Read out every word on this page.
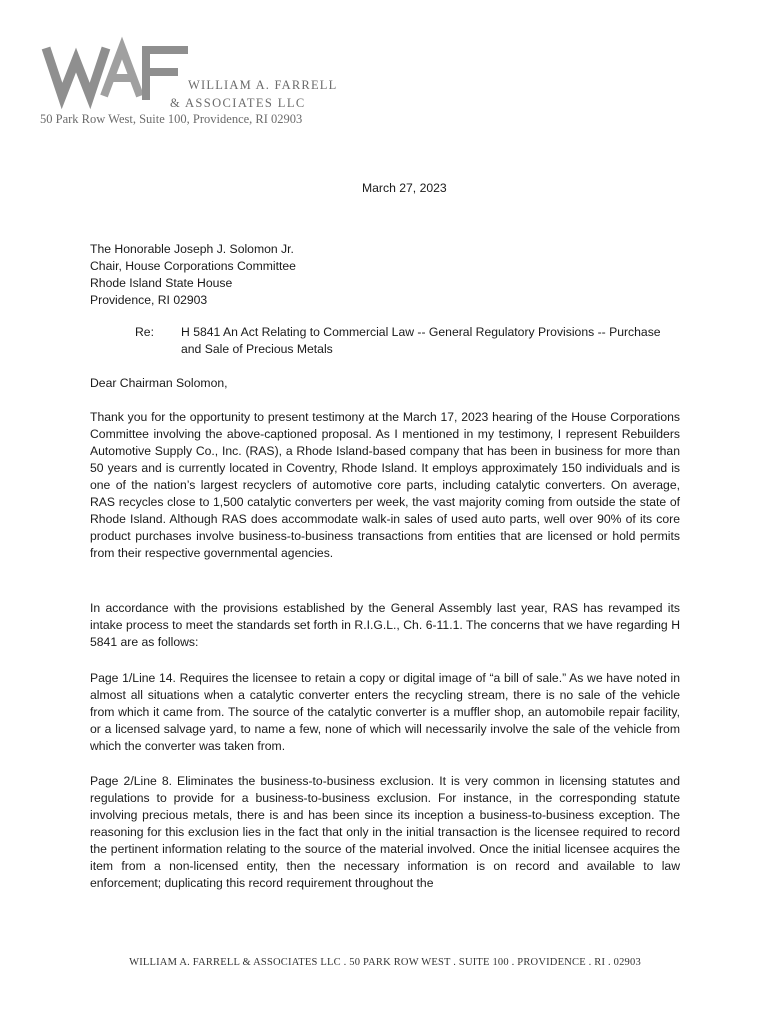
WAF
WILLIAM A. FARRELL
& ASSOCIATES LLC
50 Park Row West, Suite 100, Providence, RI 02903
March 27, 2023
The Honorable Joseph J. Solomon Jr.
Chair, House Corporations Committee
Rhode Island State House
Providence, RI 02903
Re: H 5841 An Act Relating to Commercial Law -- General Regulatory Provisions -- Purchase and Sale of Precious Metals
Dear Chairman Solomon,
Thank you for the opportunity to present testimony at the March 17, 2023 hearing of the House Corporations Committee involving the above-captioned proposal. As I mentioned in my testimony, I represent Rebuilders Automotive Supply Co., Inc. (RAS), a Rhode Island-based company that has been in business for more than 50 years and is currently located in Coventry, Rhode Island. It employs approximately 150 individuals and is one of the nation’s largest recyclers of automotive core parts, including catalytic converters. On average, RAS recycles close to 1,500 catalytic converters per week, the vast majority coming from outside the state of Rhode Island. Although RAS does accommodate walk-in sales of used auto parts, well over 90% of its core product purchases involve business-to-business transactions from entities that are licensed or hold permits from their respective governmental agencies.
In accordance with the provisions established by the General Assembly last year, RAS has revamped its intake process to meet the standards set forth in R.I.G.L., Ch. 6-11.1. The concerns that we have regarding H 5841 are as follows:
Page 1/Line 14. Requires the licensee to retain a copy or digital image of “a bill of sale.” As we have noted in almost all situations when a catalytic converter enters the recycling stream, there is no sale of the vehicle from which it came from. The source of the catalytic converter is a muffler shop, an automobile repair facility, or a licensed salvage yard, to name a few, none of which will necessarily involve the sale of the vehicle from which the converter was taken from.
Page 2/Line 8. Eliminates the business-to-business exclusion. It is very common in licensing statutes and regulations to provide for a business-to-business exclusion. For instance, in the corresponding statute involving precious metals, there is and has been since its inception a business-to-business exception. The reasoning for this exclusion lies in the fact that only in the initial transaction is the licensee required to record the pertinent information relating to the source of the material involved. Once the initial licensee acquires the item from a non-licensed entity, then the necessary information is on record and available to law enforcement; duplicating this record requirement throughout the
WILLIAM A. FARRELL & ASSOCIATES LLC . 50 PARK ROW WEST . SUITE 100 . PROVIDENCE . RI . 02903
